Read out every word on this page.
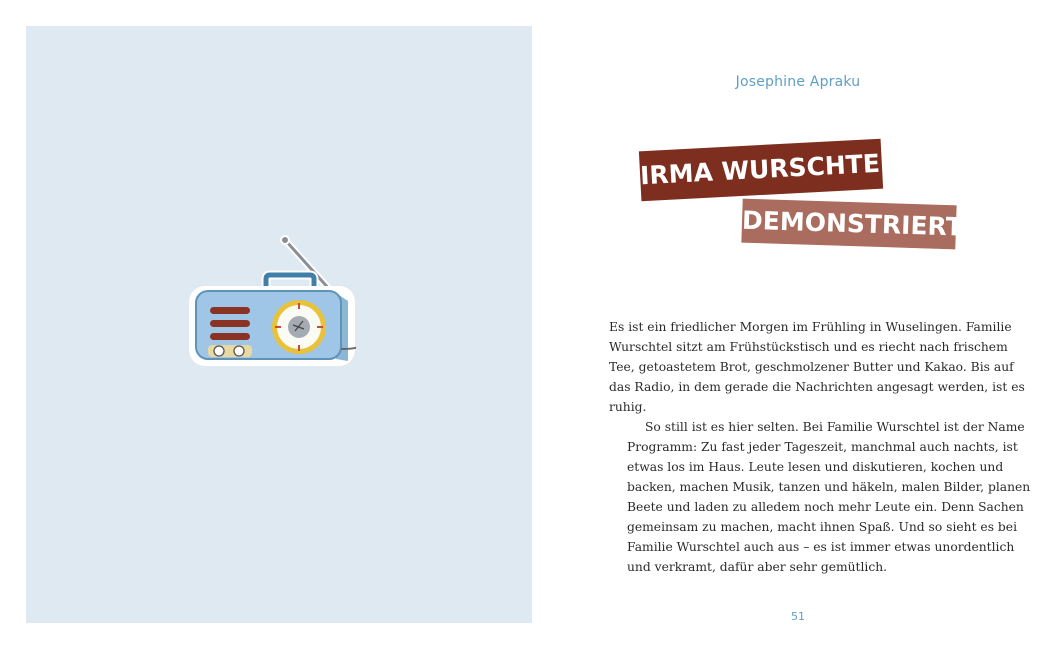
Josephine Apraku
IRMA WURSCHTEL
DEMONSTRIERT

Es ist ein friedlicher Morgen im Frühling in Wuselingen. Familie
Wurschtel sitzt am Frühstückstisch und es riecht nach frischem
Tee, getoastetem Brot, geschmolzener Butter und Kakao. Bis auf
das Radio, in dem gerade die Nachrichten angesagt werden, ist es
ruhig.

So still ist es hier selten. Bei Familie Wurschtel ist der Name
Programm: Zu fast jeder Tageszeit, manchmal auch nachts, ist
etwas los im Haus. Leute lesen und diskutieren, kochen und
backen, machen Musik, tanzen und häkeln, malen Bilder, planen
Beete und laden zu alledem noch mehr Leute ein. Denn Sachen
gemeinsam zu machen, macht ihnen Spaß. Und so sieht es bei
Familie Wurschtel auch aus – es ist immer etwas unordentlich
und verkramt, dafür aber sehr gemütlich.

51
